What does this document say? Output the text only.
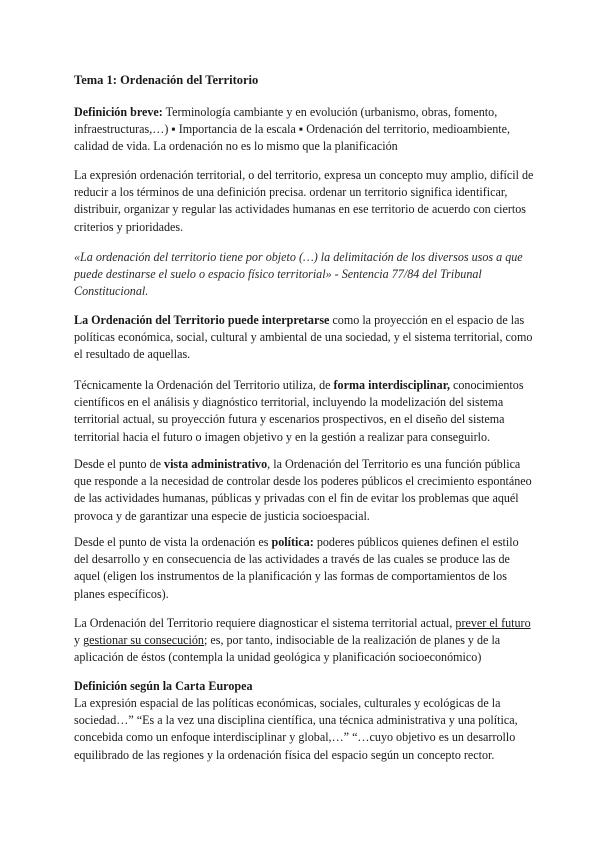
Tema 1: Ordenación del Territorio

Definición breve: Terminología cambiante y en evolución (urbanismo, obras, fomento, infraestructuras,…) ▪ Importancia de la escala ▪ Ordenación del territorio, medioambiente, calidad de vida. La ordenación no es lo mismo que la planificación

La expresión ordenación territorial, o del territorio, expresa un concepto muy amplio, difícil de reducir a los términos de una definición precisa. ordenar un territorio significa identificar, distribuir, organizar y regular las actividades humanas en ese territorio de acuerdo con ciertos criterios y prioridades.

«La ordenación del territorio tiene por objeto (…) la delimitación de los diversos usos a que puede destinarse el suelo o espacio físico territorial» - Sentencia 77/84 del Tribunal Constitucional.

La Ordenación del Territorio puede interpretarse como la proyección en el espacio de las políticas económica, social, cultural y ambiental de una sociedad, y el sistema territorial, como el resultado de aquellas.

Técnicamente la Ordenación del Territorio utiliza, de forma interdisciplinar, conocimientos científicos en el análisis y diagnóstico territorial, incluyendo la modelización del sistema territorial actual, su proyección futura y escenarios prospectivos, en el diseño del sistema territorial hacia el futuro o imagen objetivo y en la gestión a realizar para conseguirlo.

Desde el punto de vista administrativo, la Ordenación del Territorio es una función pública que responde a la necesidad de controlar desde los poderes públicos el crecimiento espontáneo de las actividades humanas, públicas y privadas con el fin de evitar los problemas que aquél provoca y de garantizar una especie de justicia socioespacial.

Desde el punto de vista la ordenación es política: poderes públicos quienes definen el estilo del desarrollo y en consecuencia de las actividades a través de las cuales se produce las de aquel (eligen los instrumentos de la planificación y las formas de comportamientos de los planes específicos).

La Ordenación del Territorio requiere diagnosticar el sistema territorial actual, prever el futuro y gestionar su consecución; es, por tanto, indisociable de la realización de planes y de la aplicación de éstos (contempla la unidad geológica y planificación socioeconómico)

Definición según la Carta Europea

La expresión espacial de las políticas económicas, sociales, culturales y ecológicas de la sociedad…” “Es a la vez una disciplina científica, una técnica administrativa y una política, concebida como un enfoque interdisciplinar y global,…” “…cuyo objetivo es un desarrollo equilibrado de las regiones y la ordenación física del espacio según un concepto rector.
